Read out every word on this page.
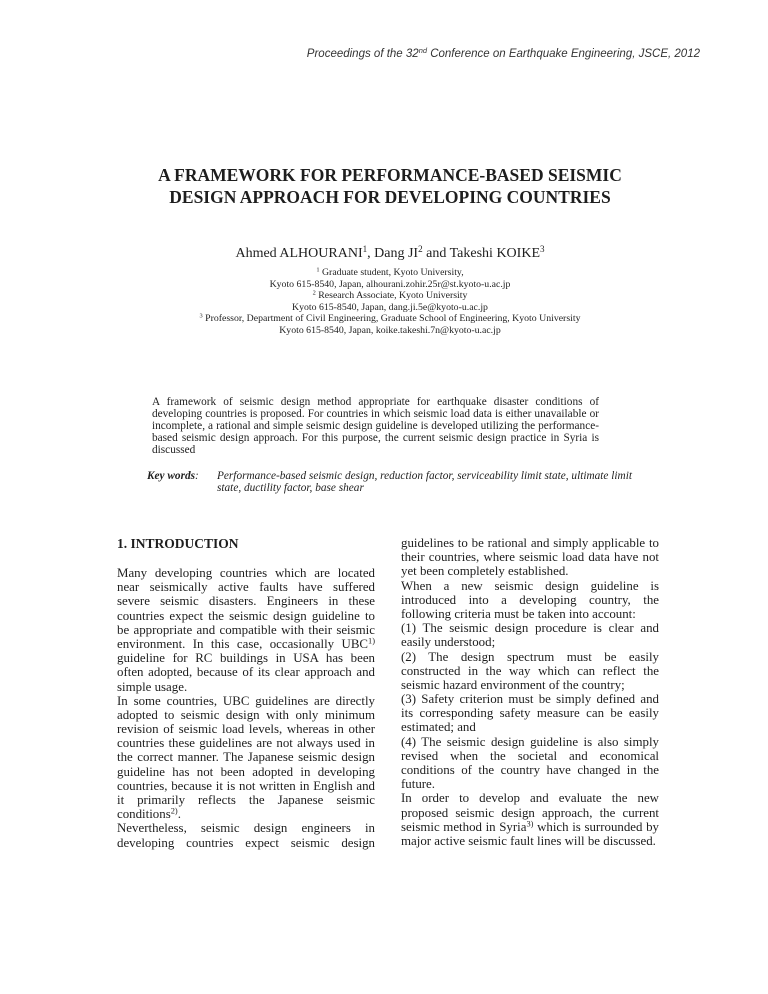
Proceedings of the 32nd Conference on Earthquake Engineering, JSCE, 2012
A FRAMEWORK FOR PERFORMANCE-BASED SEISMIC
DESIGN APPROACH FOR DEVELOPING COUNTRIES
Ahmed ALHOURANI$^1$, Dang $JI^2$ and Takeshi KOIKE$^3$
$^1$ Graduate student, Kyoto University,
Kyoto 615-8540, Japan, alhourani.zohir.25r@st.kyoto-u.ac.jp
$^2$ Research Associate, Kyoto University
Kyoto 615-8540, Japan, dang.ji.5e@kyoto-u.ac.jp
$^3$ Professor, Department of Civil Engineering, Graduate School of Engineering, Kyoto University
Kyoto 615-8540, Japan, koike.takeshi.7n@kyoto-u.ac.jp
A framework of seismic design method appropriate for earthquake disaster conditions of developing countries is proposed. For countries in which seismic load data is either unavailable or incomplete, a rational and simple seismic design guideline is developed utilizing the performance-based seismic design approach. For this purpose, the current seismic design practice in Syria is discussed
Key words: Performance-based seismic design, reduction factor, serviceability limit state, ultimate limit state, ductility factor, base shear
1. INTRODUCTION
Many developing countries which are located
near seismically active faults have suffered
severe seismic disasters. Engineers in these
countries expect the seismic design guideline to
be appropriate and compatible with their seismic
environment. In this case, occasionally UBC$^{1)}$
guideline for RC buildings in USA has been
often adopted, because of its clear approach and
simple usage.
In some countries, UBC guidelines are directly
adopted to seismic design with only minimum
revision of seismic load levels, whereas in other
countries these guidelines are not always used in
the correct manner. The Japanese seismic design
guideline has not been adopted in developing
countries, because it is not written in English and
it primarily reflects the Japanese seismic
conditions$^{2)}$.
Nevertheless, seismic design engineers in
developing countries expect seismic design
guidelines to be rational and simply applicable to
their countries, where seismic load data have not
yet been completely established.
When a new seismic design guideline is
introduced into a developing country, the
following criteria must be taken into account:
(1) The seismic design procedure is clear and
easily understood;
(2) The design spectrum must be easily
constructed in the way which can reflect the
seismic hazard environment of the country;
(3) Safety criterion must be simply defined and
its corresponding safety measure can be easily
estimated; and
(4) The seismic design guideline is also simply
revised when the societal and economical
conditions of the country have changed in the
future.
In order to develop and evaluate the new
proposed seismic design approach, the current
seismic method in Syria$^{3)}$ which is surrounded by
major active seismic fault lines will be discussed.
